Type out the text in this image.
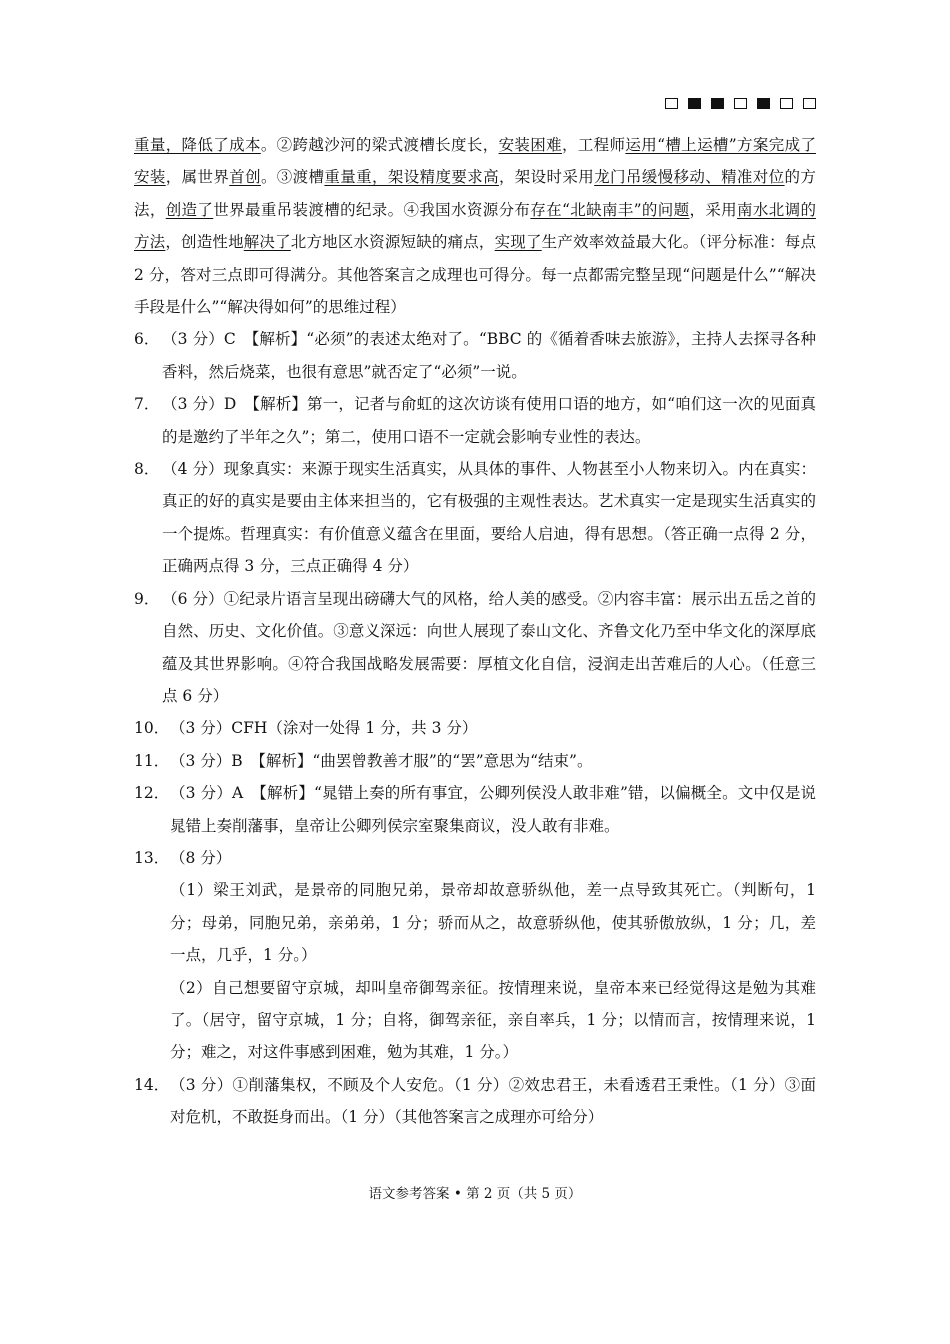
重量，降低了成本。②跨越沙河的梁式渡槽长度长，安装困难，工程师运用“槽上运槽”方案完成了安装，属世界首创。③渡槽重量重，架设精度要求高，架设时采用龙门吊缓慢移动、精准对位的方法，创造了世界最重吊装渡槽的纪录。④我国水资源分布存在“北缺南丰”的问题，采用南水北调的方法，创造性地解决了北方地区水资源短缺的痛点，实现了生产效率效益最大化。（评分标准：每点 2 分，答对三点即可得满分。其他答案言之成理也可得分。每一点都需完整呈现“问题是什么”“解决手段是什么”“解决得如何”的思维过程）
6． （3 分）C　【解析】“必须”的表述太绝对了。“BBC 的《循着香味去旅游》，主持人去探寻各种香料，然后烧菜，也很有意思”就否定了“必须”一说。
7． （3 分）D　【解析】第一，记者与俞虹的这次访谈有使用口语的地方，如“咱们这一次的见面真的是邀约了半年之久”；第二，使用口语不一定就会影响专业性的表达。
8． （4 分）现象真实：来源于现实生活真实，从具体的事件、人物甚至小人物来切入。内在真实：真正的好的真实是要由主体来担当的，它有极强的主观性表达。艺术真实一定是现实生活真实的一个提炼。哲理真实：有价值意义蕴含在里面，要给人启迪，得有思想。（答正确一点得 2 分，正确两点得 3 分，三点正确得 4 分）
9． （6 分）①纪录片语言呈现出磅礴大气的风格，给人美的感受。②内容丰富：展示出五岳之首的自然、历史、文化价值。③意义深远：向世人展现了泰山文化、齐鲁文化乃至中华文化的深厚底蕴及其世界影响。④符合我国战略发展需要：厚植文化自信，浸润走出苦难后的人心。（任意三点 6 分）
10． （3 分）CFH（涂对一处得 1 分，共 3 分）
11． （3 分）B　【解析】“曲罢曾教善才服”的“罢”意思为“结束”。
12． （3 分）A　【解析】“晁错上奏的所有事宜，公卿列侯没人敢非难”错，以偏概全。文中仅是说晁错上奏削藩事，皇帝让公卿列侯宗室聚集商议，没人敢有非难。
13． （8 分）
（1）梁王刘武，是景帝的同胞兄弟，景帝却故意骄纵他，差一点导致其死亡。（判断句，1 分；母弟，同胞兄弟，亲弟弟，1 分；骄而从之，故意骄纵他，使其骄傲放纵，1 分；几，差一点，几乎，1 分。）
（2）自己想要留守京城，却叫皇帝御驾亲征。按情理来说，皇帝本来已经觉得这是勉为其难了。（居守，留守京城，1 分；自将，御驾亲征，亲自率兵，1 分；以情而言，按情理来说，1 分；难之，对这件事感到困难，勉为其难，1 分。）
14． （3 分）①削藩集权，不顾及个人安危。（1 分）②效忠君王，未看透君王秉性。（1 分）③面对危机，不敢挺身而出。（1 分）（其他答案言之成理亦可给分）
语文参考答案 • 第 2 页（共 5 页）
